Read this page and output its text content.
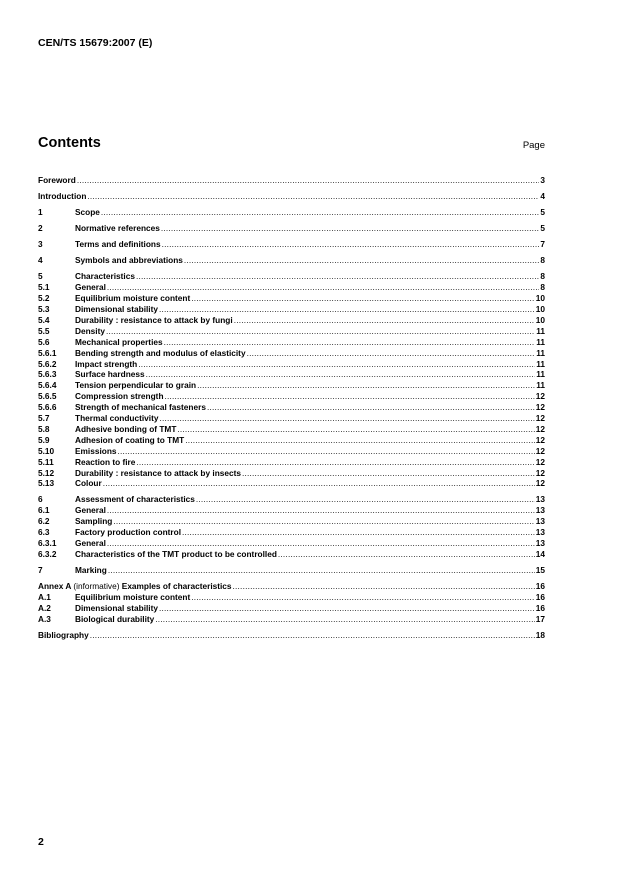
CEN/TS 15679:2007 (E)
Contents	Page
Foreword .....	3
Introduction .....	4
1	Scope .....	5
2	Normative references .....	5
3	Terms and definitions .....	7
4	Symbols and abbreviations .....	8
5	Characteristics .....	8
5.1	General .....	8
5.2	Equilibrium moisture content .....	10
5.3	Dimensional stability .....	10
5.4	Durability : resistance to attack by fungi .....	10
5.5	Density .....	11
5.6	Mechanical properties .....	11
5.6.1	Bending strength and modulus of elasticity .....	11
5.6.2	Impact strength .....	11
5.6.3	Surface hardness .....	11
5.6.4	Tension perpendicular to grain .....	11
5.6.5	Compression strength .....	12
5.6.6	Strength of mechanical fasteners .....	12
5.7	Thermal conductivity .....	12
5.8	Adhesive bonding of TMT .....	12
5.9	Adhesion of coating to TMT .....	12
5.10	Emissions .....	12
5.11	Reaction to fire .....	12
5.12	Durability : resistance to attack by insects .....	12
5.13	Colour .....	12
6	Assessment of characteristics .....	13
6.1	General .....	13
6.2	Sampling .....	13
6.3	Factory production control .....	13
6.3.1	General .....	13
6.3.2	Characteristics of the TMT product to be controlled .....	14
7	Marking .....	15
Annex A (informative) Examples of characteristics .....	16
A.1	Equilibrium moisture content .....	16
A.2	Dimensional stability .....	16
A.3	Biological durability .....	17
Bibliography .....	18
2
